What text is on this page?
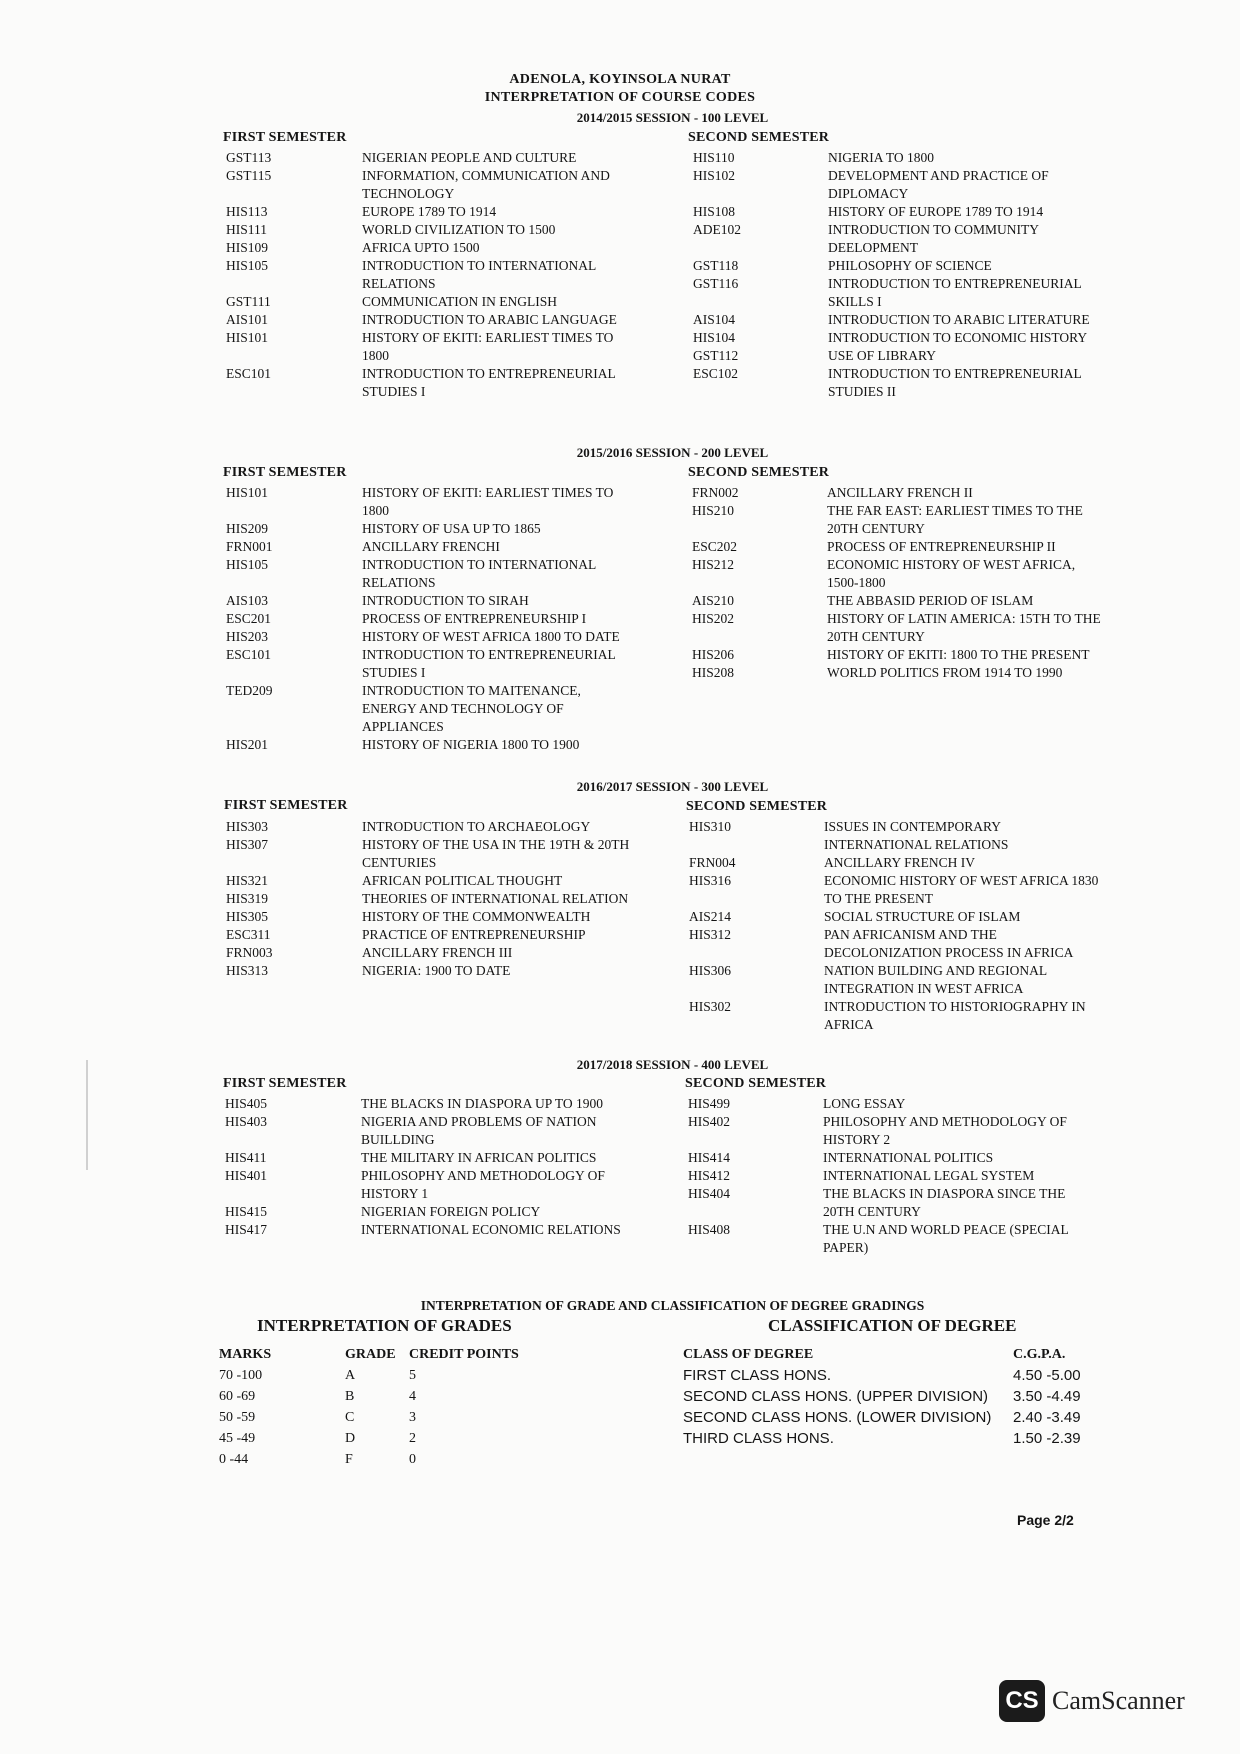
ADENOLA, KOYINSOLA NURAT
INTERPRETATION OF COURSE CODES
2014/2015 SESSION - 100 LEVEL
FIRST SEMESTER	SECOND SEMESTER
GST113	NIGERIAN PEOPLE AND CULTURE
GST115	INFORMATION, COMMUNICATION AND TECHNOLOGY
HIS113	EUROPE 1789 TO 1914
HIS111	WORLD CIVILIZATION TO 1500
HIS109	AFRICA UPTO 1500
HIS105	INTRODUCTION TO INTERNATIONAL RELATIONS
GST111	COMMUNICATION IN ENGLISH
AIS101	INTRODUCTION TO ARABIC LANGUAGE
HIS101	HISTORY OF EKITI: EARLIEST TIMES TO 1800
ESC101	INTRODUCTION TO ENTREPRENEURIAL STUDIES I
HIS110	NIGERIA TO 1800
HIS102	DEVELOPMENT AND PRACTICE OF DIPLOMACY
HIS108	HISTORY OF EUROPE 1789 TO 1914
ADE102	INTRODUCTION TO COMMUNITY DEELOPMENT
GST118	PHILOSOPHY OF SCIENCE
GST116	INTRODUCTION TO ENTREPRENEURIAL SKILLS I
AIS104	INTRODUCTION TO ARABIC LITERATURE
HIS104	INTRODUCTION TO ECONOMIC HISTORY
GST112	USE OF LIBRARY
ESC102	INTRODUCTION TO ENTREPRENEURIAL STUDIES II
2015/2016 SESSION - 200 LEVEL
FIRST SEMESTER	SECOND SEMESTER
HIS101	HISTORY OF EKITI: EARLIEST TIMES TO 1800
HIS209	HISTORY OF USA UP TO 1865
FRN001	ANCILLARY FRENCHI
HIS105	INTRODUCTION TO INTERNATIONAL RELATIONS
AIS103	INTRODUCTION TO SIRAH
ESC201	PROCESS OF ENTREPRENEURSHIP I
HIS203	HISTORY OF WEST AFRICA 1800 TO DATE
ESC101	INTRODUCTION TO ENTREPRENEURIAL STUDIES I
TED209	INTRODUCTION TO MAITENANCE, ENERGY AND TECHNOLOGY OF APPLIANCES
HIS201	HISTORY OF NIGERIA 1800 TO 1900
FRN002	ANCILLARY FRENCH II
HIS210	THE FAR EAST: EARLIEST TIMES TO THE 20TH CENTURY
ESC202	PROCESS OF ENTREPRENEURSHIP II
HIS212	ECONOMIC HISTORY OF WEST AFRICA, 1500-1800
AIS210	THE ABBASID PERIOD OF ISLAM
HIS202	HISTORY OF LATIN AMERICA: 15TH TO THE 20TH CENTURY
HIS206	HISTORY OF EKITI: 1800 TO THE PRESENT
HIS208	WORLD POLITICS FROM 1914 TO 1990
2016/2017 SESSION - 300 LEVEL
FIRST SEMESTER	SECOND SEMESTER
HIS303	INTRODUCTION TO ARCHAEOLOGY
HIS307	HISTORY OF THE USA IN THE 19TH & 20TH CENTURIES
HIS321	AFRICAN POLITICAL THOUGHT
HIS319	THEORIES OF INTERNATIONAL RELATION
HIS305	HISTORY OF THE COMMONWEALTH
ESC311	PRACTICE OF ENTREPRENEURSHIP
FRN003	ANCILLARY FRENCH III
HIS313	NIGERIA: 1900 TO DATE
HIS310	ISSUES IN CONTEMPORARY INTERNATIONAL RELATIONS
FRN004	ANCILLARY FRENCH IV
HIS316	ECONOMIC HISTORY OF WEST AFRICA 1830 TO THE PRESENT
AIS214	SOCIAL STRUCTURE OF ISLAM
HIS312	PAN AFRICANISM AND THE DECOLONIZATION PROCESS IN AFRICA
HIS306	NATION BUILDING AND REGIONAL INTEGRATION IN WEST AFRICA
HIS302	INTRODUCTION TO HISTORIOGRAPHY IN AFRICA
2017/2018 SESSION - 400 LEVEL
FIRST SEMESTER	SECOND SEMESTER
HIS405	THE BLACKS IN DIASPORA UP TO 1900
HIS403	NIGERIA AND PROBLEMS OF NATION BUILLDING
HIS411	THE MILITARY IN AFRICAN POLITICS
HIS401	PHILOSOPHY AND METHODOLOGY OF HISTORY 1
HIS415	NIGERIAN FOREIGN POLICY
HIS417	INTERNATIONAL ECONOMIC RELATIONS
HIS499	LONG ESSAY
HIS402	PHILOSOPHY AND METHODOLOGY OF HISTORY 2
HIS414	INTERNATIONAL POLITICS
HIS412	INTERNATIONAL LEGAL SYSTEM
HIS404	THE BLACKS IN DIASPORA SINCE THE 20TH CENTURY
HIS408	THE U.N AND WORLD PEACE (SPECIAL PAPER)
INTERPRETATION OF GRADE AND CLASSIFICATION OF DEGREE GRADINGS
INTERPRETATION OF GRADES	CLASSIFICATION OF DEGREE
MARKS	GRADE	CREDIT POINTS
70 -100	A	5
60 -69	B	4
50 -59	C	3
45 -49	D	2
0 -44	F	0
CLASS OF DEGREE	C.G.P.A.
FIRST CLASS HONS.	4.50 -5.00
SECOND CLASS HONS. (UPPER DIVISION)	3.50 -4.49
SECOND CLASS HONS. (LOWER DIVISION)	2.40 -3.49
THIRD CLASS HONS.	1.50 -2.39
Page 2/2
CS CamScanner
